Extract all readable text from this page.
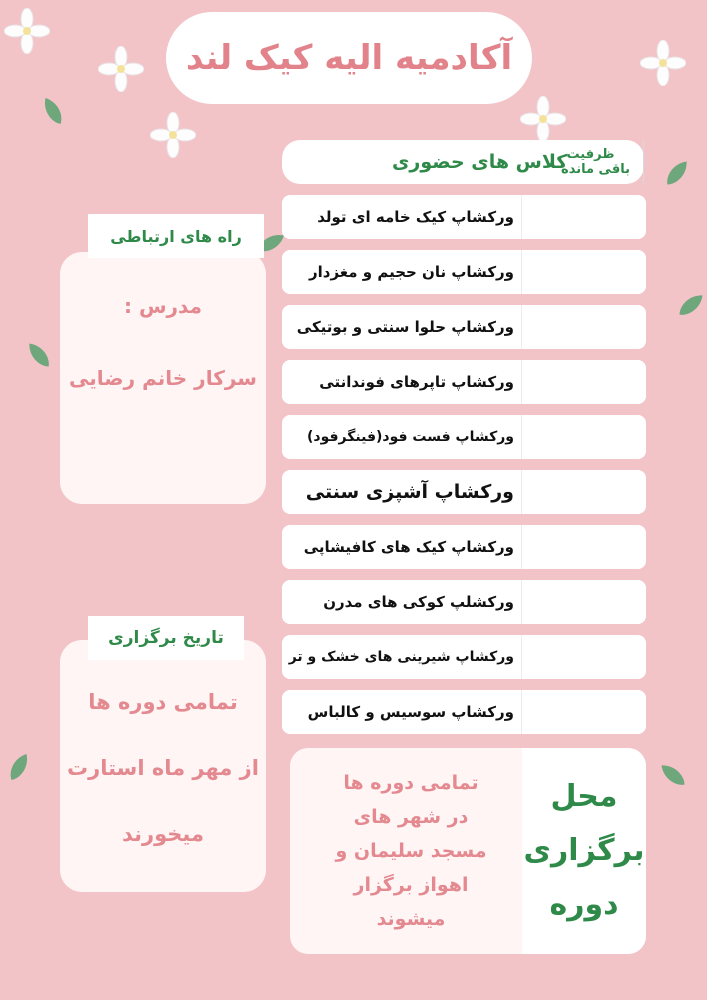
آکادمیه الیه کیک لند
کلاس های حضوری ظرفیت
باقی مانده
ورکشاپ کیک خامه ای تولد
ورکشاپ نان حجیم و مغزدار
ورکشاپ حلوا سنتی و بوتیکی
ورکشاپ تاپرهای فوندانتی
ورکشاپ فست فود(فینگرفود)
ورکشاپ آشپزی سنتی
ورکشاپ کیک های کافیشاپی
ورکشلپ کوکی های مدرن
ورکشاپ شیرینی های خشک و تر
ورکشاپ سوسیس و کالباس
راه های ارتباطی
مدرس :
سرکار خانم رضایی
تاریخ برگزاری
تمامی دوره ها
از مهر ماه استارت
میخورند
محل
برگزاری
دوره
تمامی دوره ها
در شهر های
مسجد سلیمان و
اهواز برگزار
میشوند
